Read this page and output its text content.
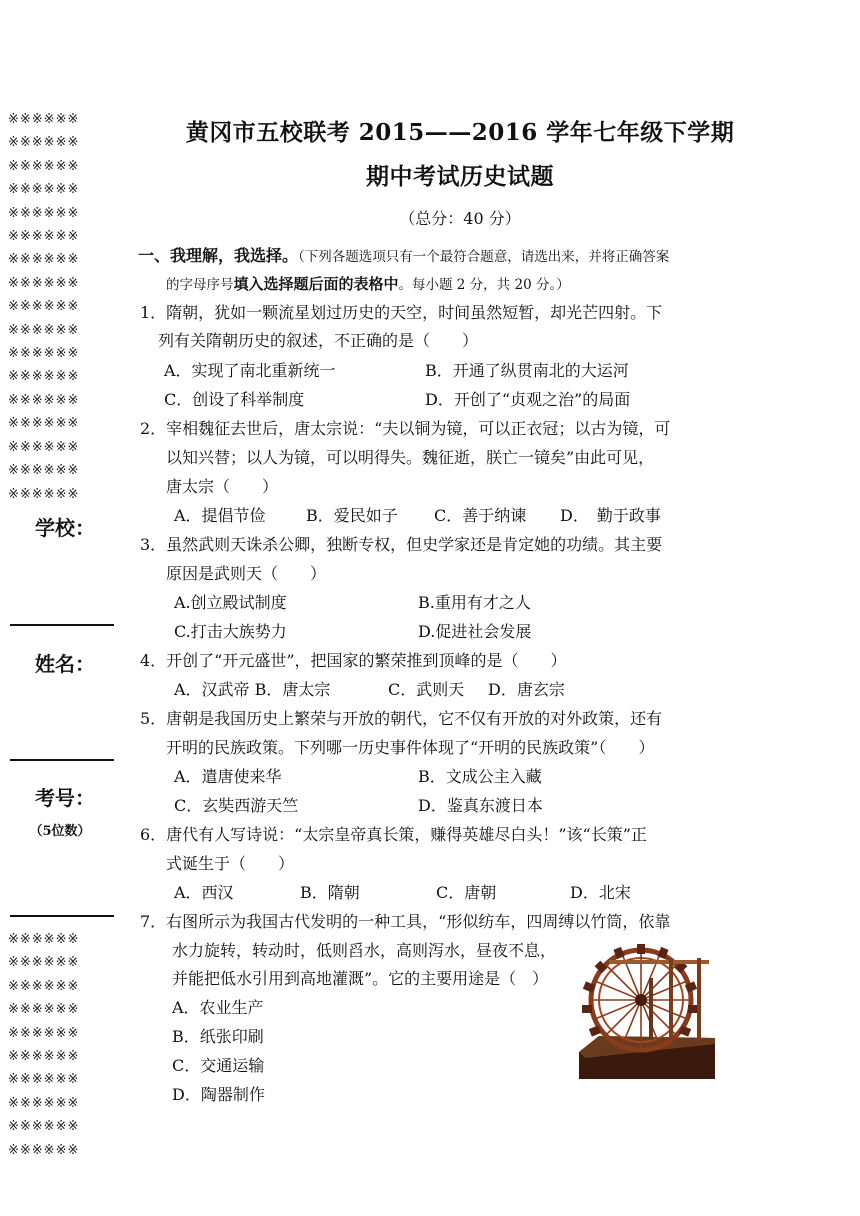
※※※※※※
※※※※※※
※※※※※※
※※※※※※
※※※※※※
※※※※※※
※※※※※※
※※※※※※
※※※※※※
※※※※※※
※※※※※※
※※※※※※
※※※※※※
※※※※※※
※※※※※※
※※※※※※
※※※※※※
学校：
姓名：
考号：
（5位数）
※※※※※※
※※※※※※
※※※※※※
※※※※※※
※※※※※※
※※※※※※
※※※※※※
※※※※※※
※※※※※※
※※※※※※
黄冈市五校联考 2015——2016 学年七年级下学期
期中考试历史试题
（总分：40 分）
一、我理解，我选择。（下列各题选项只有一个最符合题意，请选出来，并将正确答案
的字母序号填入选择题后面的表格中。每小题 2 分，共 20 分。）
1．隋朝，犹如一颗流星划过历史的天空，时间虽然短暂，却光芒四射。下
列有关隋朝历史的叙述，不正确的是（　　）
A．实现了南北重新统一	B．开通了纵贯南北的大运河
C．创设了科举制度	D．开创了“贞观之治”的局面
2．宰相魏征去世后，唐太宗说：“夫以铜为镜，可以正衣冠；以古为镜，可
以知兴替；以人为镜，可以明得失。魏征逝，朕亡一镜矣”由此可见，
唐太宗（　　）
A．提倡节俭	B．爱民如子 C．善于纳谏 D．　勤于政事
3．虽然武则天诛杀公卿，独断专权，但史学家还是肯定她的功绩。其主要
原因是武则天（　　）
A.创立殿试制度	B.重用有才之人
C.打击大族势力	D.促进社会发展
4．开创了“开元盛世”，把国家的繁荣推到顶峰的是（　　）
A．汉武帝 B．唐太宗	C．武则天 D．唐玄宗
5．唐朝是我国历史上繁荣与开放的朝代，它不仅有开放的对外政策，还有
开明的民族政策。下列哪一历史事件体现了“开明的民族政策”（　　）
A．遣唐使来华	B．文成公主入藏
C．玄奘西游天竺	D．鉴真东渡日本
6．唐代有人写诗说：“太宗皇帝真长策，赚得英雄尽白头！”该“长策”正
式诞生于（　　）
A．西汉	B．隋朝	C．唐朝	D．北宋
7．右图所示为我国古代发明的一种工具，“形似纺车，四周缚以竹筒，依靠
水力旋转，转动时，低则舀水，高则泻水，昼夜不息，
并能把低水引用到高地灌溉”。它的主要用途是（　）
A．农业生产
B．纸张印刷
C．交通运输
D．陶器制作
